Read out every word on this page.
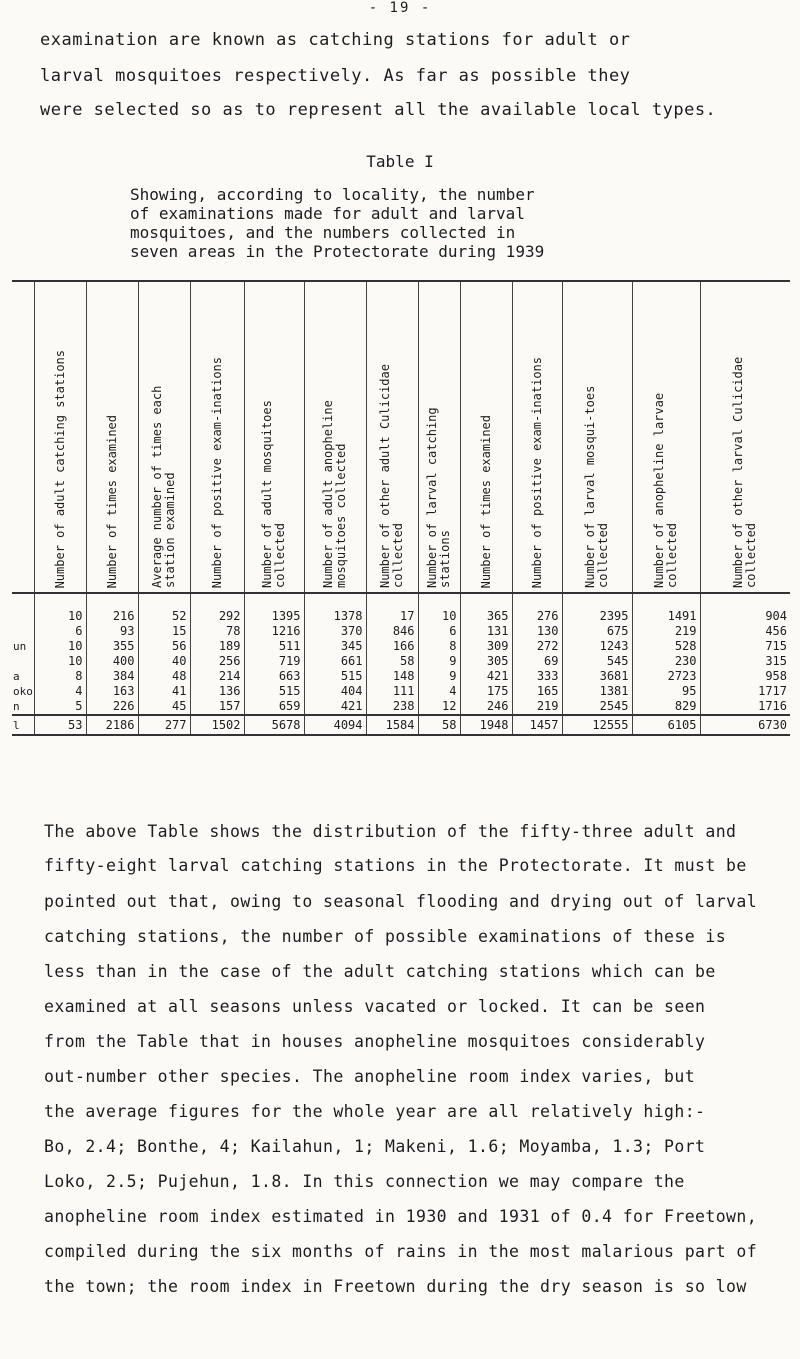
- 19 -
examination are known as catching stations for adult or
larval mosquitoes respectively. As far as possible they
were selected so as to represent all the available local types.
Table I
Showing, according to locality, the number
of examinations made for adult and larval
mosquitoes, and the numbers collected in
seven areas in the Protectorate during 1939

	Number of adult catching stations	Number of times examined	Average number of times each station examined	Number of positive exam-inations	Number of adult mosquitoes collected	Number of adult anopheline mosquitoes collected	Number of other adult Culicidae collected	Number of larval catching stations	Number of times examined	Number of positive exam-inations	Number of larval mosqui-toes collected	Number of anopheline larvae collected	Number of other larval Culicidae collected

	10	216	52	292	1395	1378	17	10	365	276	2395	1491	904
	6	93	15	78	1216	370	846	6	131	130	675	219	456
un	10	355	56	189	511	345	166	8	309	272	1243	528	715
	10	400	40	256	719	661	58	9	305	69	545	230	315
a	8	384	48	214	663	515	148	9	421	333	3681	2723	958
oko	4	163	41	136	515	404	111	4	175	165	1381	95	1717
n	5	226	45	157	659	421	238	12	246	219	2545	829	1716
l	53	2186	277	1502	5678	4094	1584	58	1948	1457	12555	6105	6730
The above Table shows the distribution of the fifty-three adult and
fifty-eight larval catching stations in the Protectorate. It must be
pointed out that, owing to seasonal flooding and drying out of larval
catching stations, the number of possible examinations of these is
less than in the case of the adult catching stations which can be
examined at all seasons unless vacated or locked. It can be seen
from the Table that in houses anopheline mosquitoes considerably
out-number other species. The anopheline room index varies, but
the average figures for the whole year are all relatively high:-
Bo, 2.4; Bonthe, 4; Kailahun, 1; Makeni, 1.6; Moyamba, 1.3; Port
Loko, 2.5; Pujehun, 1.8. In this connection we may compare the
anopheline room index estimated in 1930 and 1931 of 0.4 for Freetown,
compiled during the six months of rains in the most malarious part of
the town; the room index in Freetown during the dry season is so low
